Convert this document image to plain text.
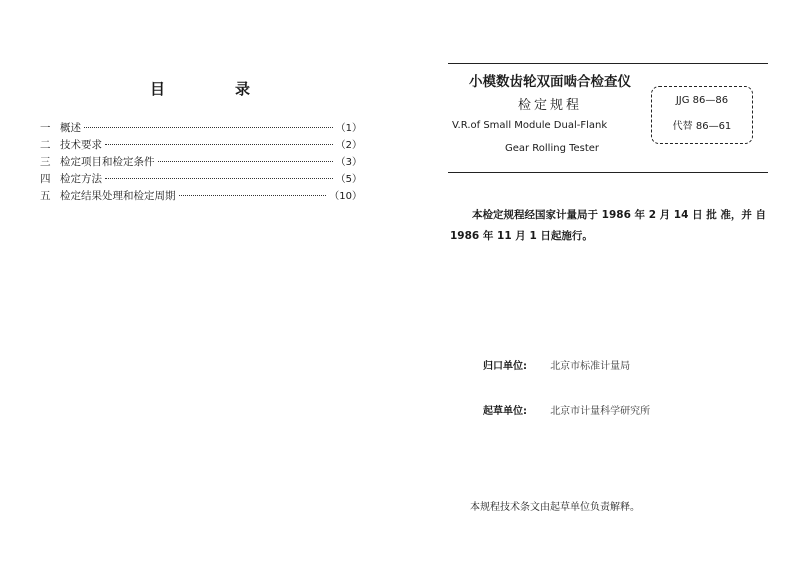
目	录
一 概述	（1）
二 技术要求	（2）
三 检定项目和检定条件	（3）
四 检定方法	（5）
五 检定结果处理和检定周期	（10）
小模数齿轮双面啮合检查仪
检定规程
V.R.of Small Module Dual-Flank
Gear Rolling Tester
JJG 86—86
代替 86—61
本检定规程经国家计量局于 1986 年 2 月 14 日 批 准，并 自 1986 年 11 月 1 日起施行。
归口单位: 北京市标准计量局
起草单位: 北京市计量科学研究所
本规程技术条文由起草单位负责解释。
